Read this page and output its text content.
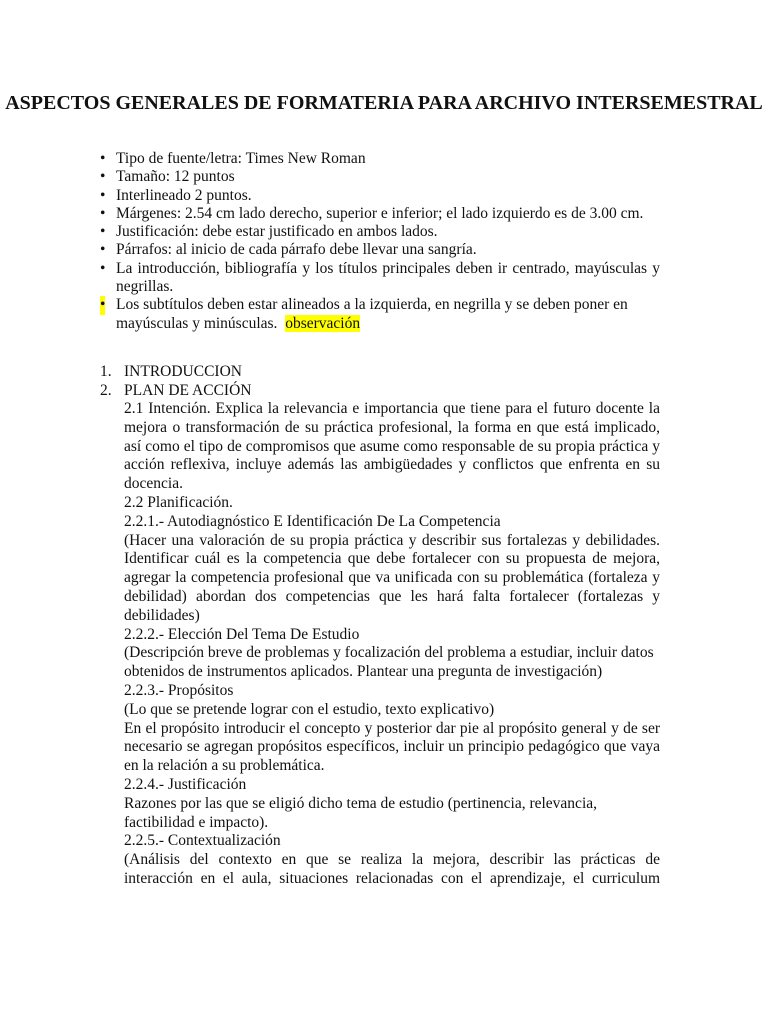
ASPECTOS GENERALES DE FORMATERIA PARA ARCHIVO INTERSEMESTRAL
• Tipo de fuente/letra: Times New Roman
• Tamaño: 12 puntos
• Interlineado 2 puntos.
• Márgenes: 2.54 cm lado derecho, superior e inferior; el lado izquierdo es de 3.00 cm.
• Justificación: debe estar justificado en ambos lados.
• Párrafos: al inicio de cada párrafo debe llevar una sangría.
• La introducción, bibliografía y los títulos principales deben ir centrado, mayúsculas y negrillas.
• Los subtítulos deben estar alineados a la izquierda, en negrilla y se deben poner en mayúsculas y minúsculas. observación
1. INTRODUCCION
2. PLAN DE ACCIÓN

2.1 Intención. Explica la relevancia e importancia que tiene para el futuro docente la mejora o transformación de su práctica profesional, la forma en que está implicado, así como el tipo de compromisos que asume como responsable de su propia práctica y acción reflexiva, incluye además las ambigüedades y conflictos que enfrenta en su docencia.

2.2 Planificación.
2.2.1.- Autodiagnóstico E Identificación De La Competencia

(Hacer una valoración de su propia práctica y describir sus fortalezas y debilidades. Identificar cuál es la competencia que debe fortalecer con su propuesta de mejora, agregar la competencia profesional que va unificada con su problemática (fortaleza y debilidad) abordan dos competencias que les hará falta fortalecer (fortalezas y debilidades)

2.2.2.- Elección Del Tema De Estudio

(Descripción breve de problemas y focalización del problema a estudiar, incluir datos obtenidos de instrumentos aplicados. Plantear una pregunta de investigación)

2.2.3.- Propósitos
(Lo que se pretende lograr con el estudio, texto explicativo)

En el propósito introducir el concepto y posterior dar pie al propósito general y de ser necesario se agregan propósitos específicos, incluir un principio pedagógico que vaya en la relación a su problemática.

2.2.4.- Justificación

Razones por las que se eligió dicho tema de estudio (pertinencia, relevancia, factibilidad e impacto).

2.2.5.- Contextualización

(Análisis del contexto en que se realiza la mejora, describir las prácticas de interacción en el aula, situaciones relacionadas con el aprendizaje, el curriculum
